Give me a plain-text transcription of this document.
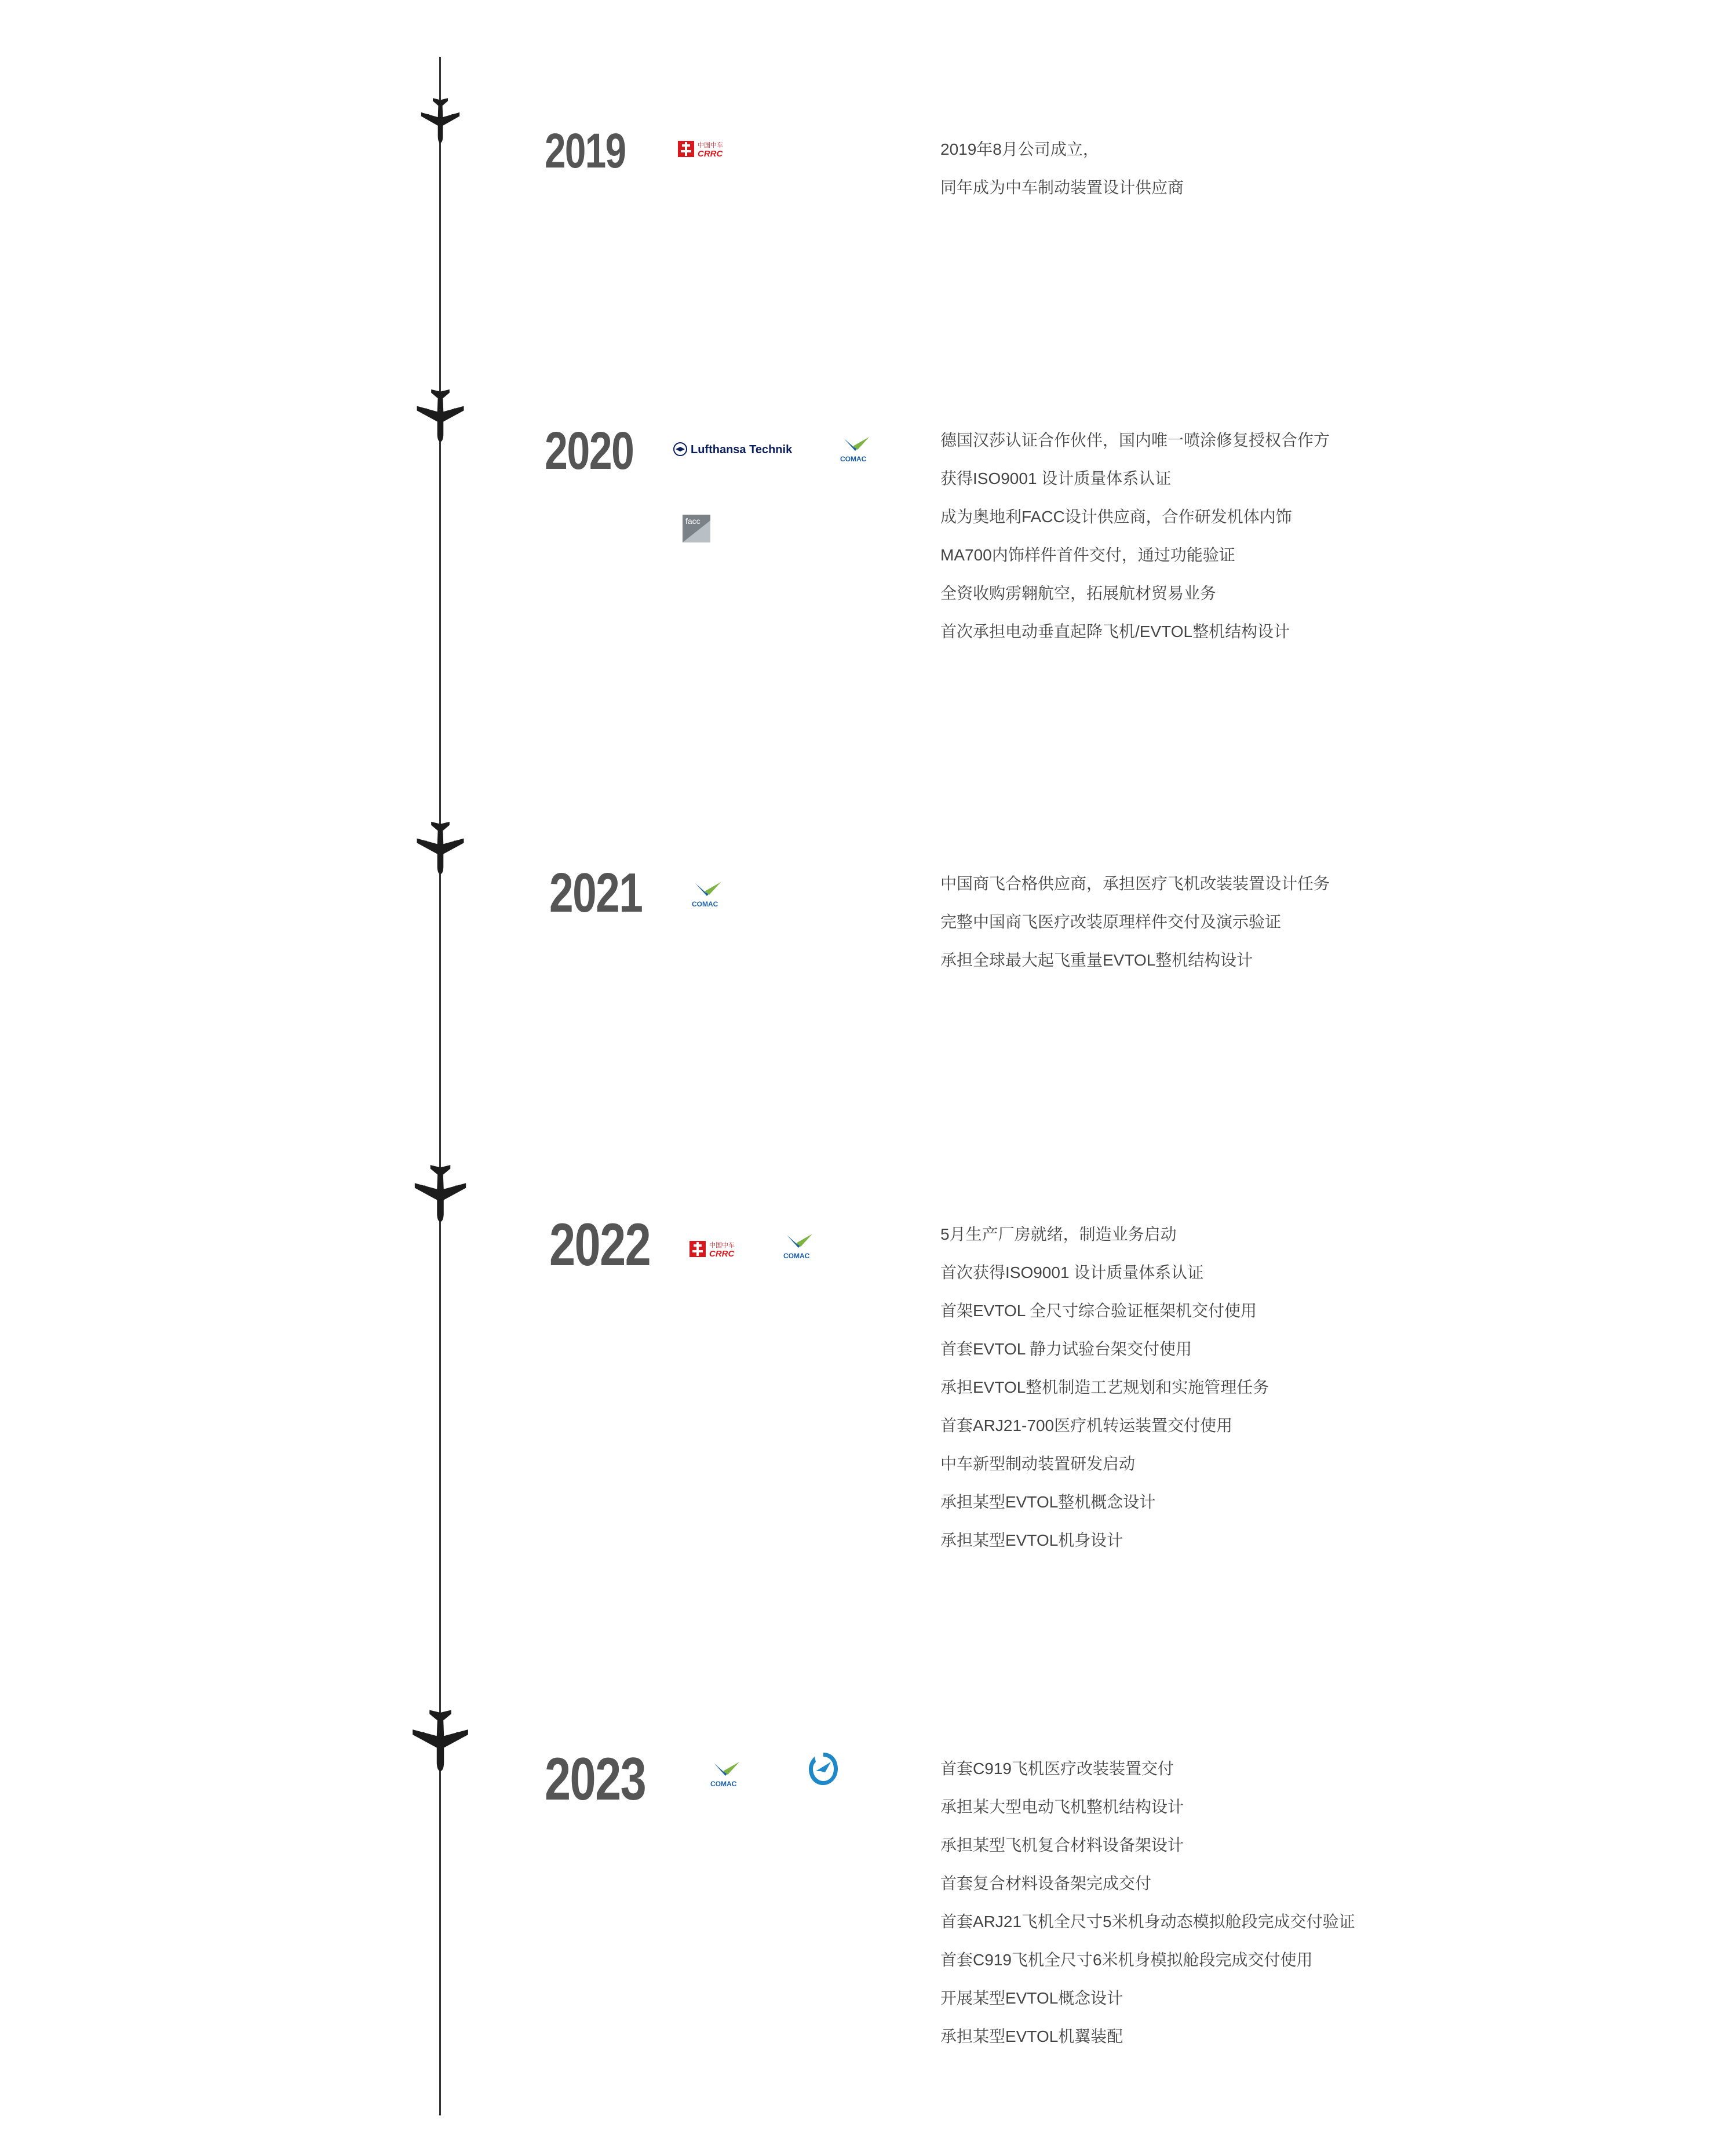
2019	中国中车
CRRC	2019年8月公司成立，
同年成为中车制动装置设计供应商
2020	Lufthansa Technik
COMAC
facc
德国汉莎认证合作伙伴，国内唯一喷涂修复授权合作方
获得ISO9001 设计质量体系认证
成为奥地利FACC设计供应商，合作研发机体内饰
MA700内饰样件首件交付，通过功能验证
全资收购雳翱航空，拓展航材贸易业务
首次承担电动垂直起降飞机/EVTOL整机结构设计
2021	COMAC
中国商飞合格供应商，承担医疗飞机改装装置设计任务
完整中国商飞医疗改装原理样件交付及演示验证
承担全球最大起飞重量EVTOL整机结构设计
2022	中国中车
CRRC	COMAC
5月生产厂房就绪，制造业务启动
首次获得ISO9001 设计质量体系认证
首架EVTOL 全尺寸综合验证框架机交付使用
首套EVTOL 静力试验台架交付使用
承担EVTOL整机制造工艺规划和实施管理任务
首套ARJ21-700医疗机转运装置交付使用
中车新型制动装置研发启动
承担某型EVTOL整机概念设计
承担某型EVTOL机身设计
2023	COMAC
首套C919飞机医疗改装装置交付
承担某大型电动飞机整机结构设计
承担某型飞机复合材料设备架设计
首套复合材料设备架完成交付
首套ARJ21飞机全尺寸5米机身动态模拟舱段完成交付验证
首套C919飞机全尺寸6米机身模拟舱段完成交付使用
开展某型EVTOL概念设计
承担某型EVTOL机翼装配
